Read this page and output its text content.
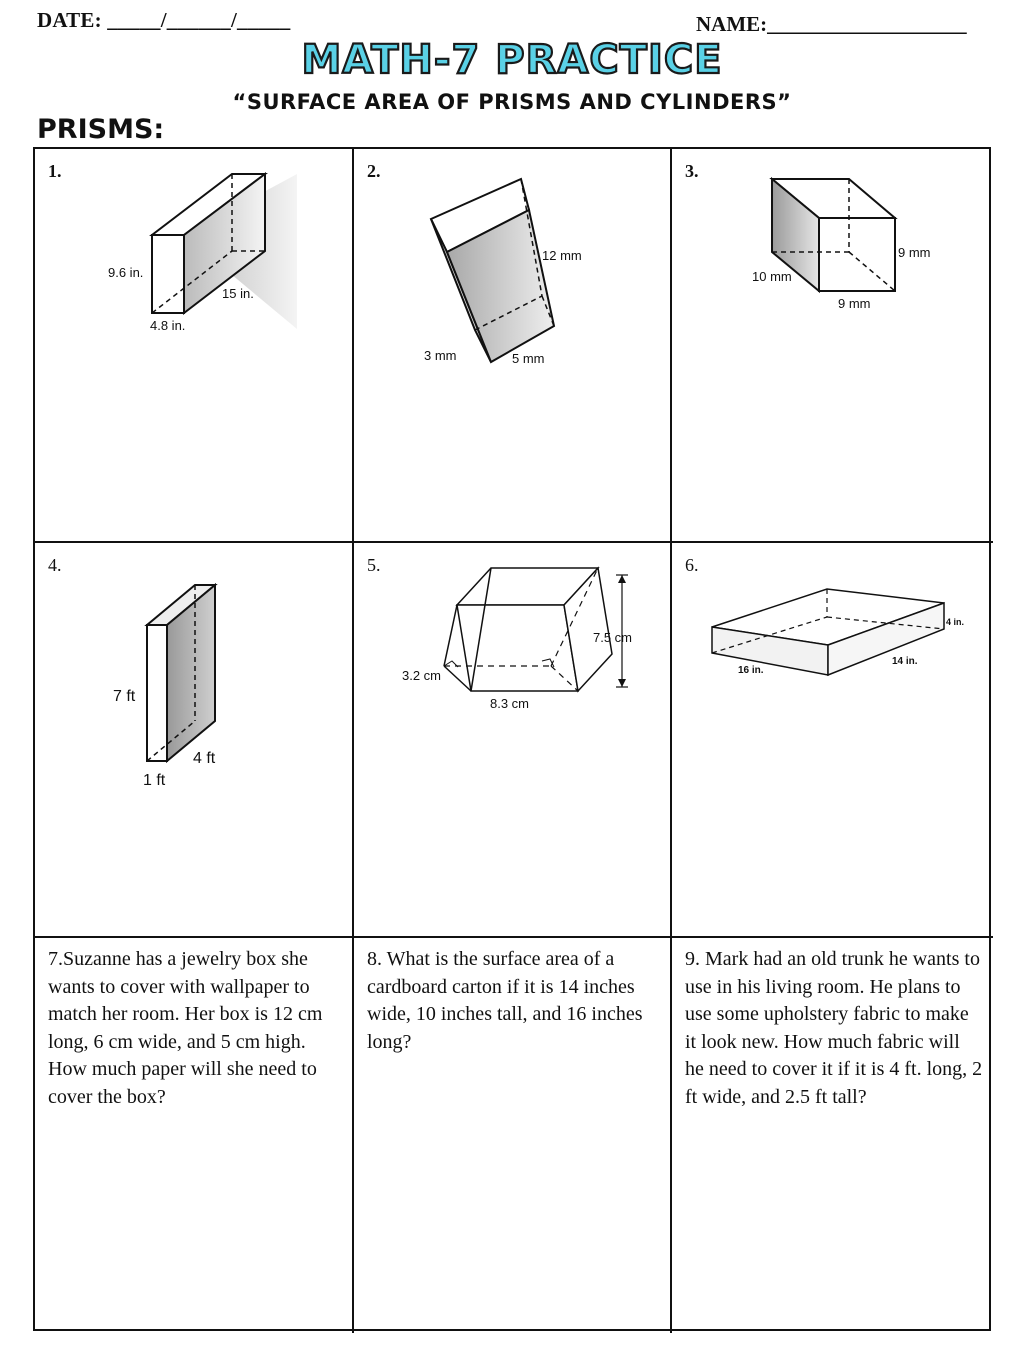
DATE: _____/______/_____	NAME:___________________
MATH-7 PRACTICE
“SURFACE AREA OF PRISMS AND CYLINDERS”
PRISMS:
1.
9.6 in.
15 in.
4.8 in.
2.
12 mm
3 mm	5 mm
3.
9 mm
10 mm
9 mm
4.
7 ft
4 ft
1 ft
5.
7.5 cm
3.2 cm
8.3 cm
6.
4 in.
14 in.
16 in.
7.Suzanne has a jewelry box she wants to cover with wallpaper to match her room. Her box is 12 cm long, 6 cm wide, and 5 cm high. How much paper will she need to cover the box?
8. What is the surface area of a cardboard carton if it is 14 inches wide, 10 inches tall, and 16 inches long?
9. Mark had an old trunk he wants to use in his living room. He plans to use some upholstery fabric to make it look new. How much fabric will he need to cover it if it is 4 ft. long, 2 ft wide, and 2.5 ft tall?
